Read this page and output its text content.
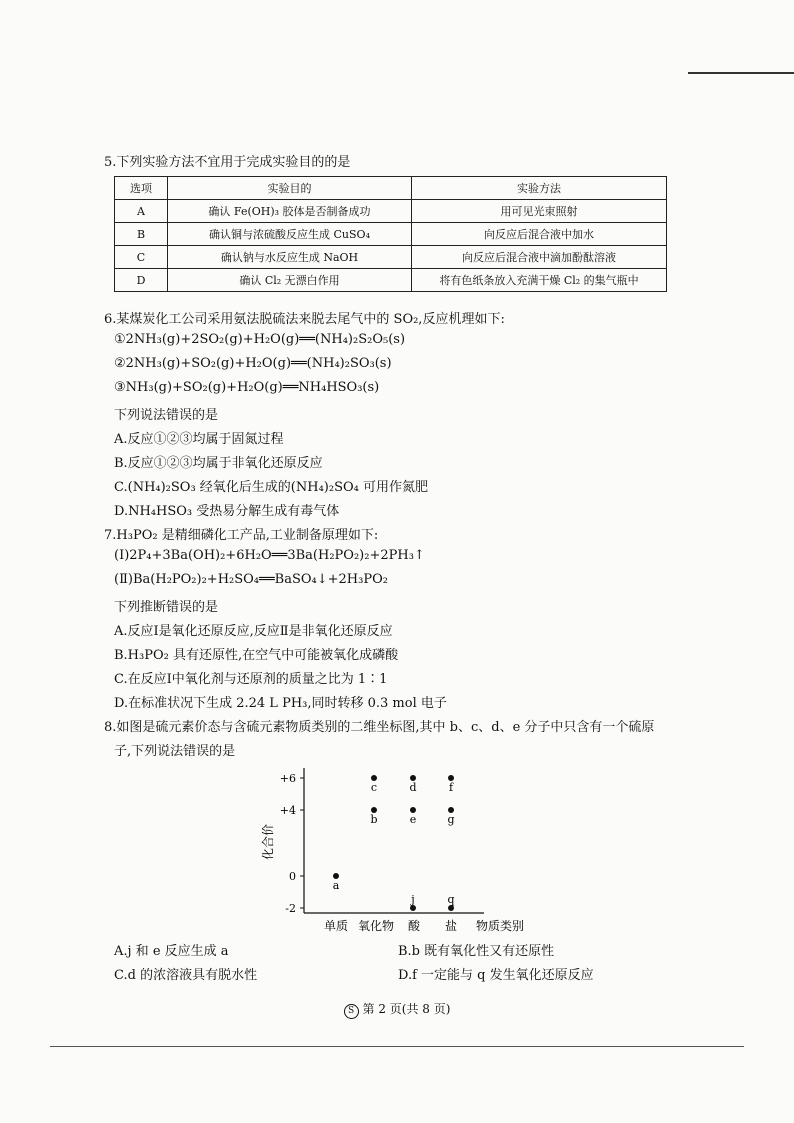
5.下列实验方法不宜用于完成实验目的的是
选项	实验目的	实验方法
A	确认 Fe(OH)₃ 胶体是否制备成功	用可见光束照射
B	确认铜与浓硫酸反应生成 CuSO₄	向反应后混合液中加水
C	确认钠与水反应生成 NaOH	向反应后混合液中滴加酚酞溶液
D	确认 Cl₂ 无漂白作用	将有色纸条放入充满干燥 Cl₂ 的集气瓶中
6.某煤炭化工公司采用氨法脱硫法来脱去尾气中的 SO₂,反应机理如下:
①2NH₃(g)+2SO₂(g)+H₂O(g)══(NH₄)₂S₂O₅(s)
②2NH₃(g)+SO₂(g)+H₂O(g)══(NH₄)₂SO₃(s)
③NH₃(g)+SO₂(g)+H₂O(g)══NH₄HSO₃(s)
下列说法错误的是
A.反应①②③均属于固氮过程
B.反应①②③均属于非氧化还原反应
C.(NH₄)₂SO₃ 经氧化后生成的(NH₄)₂SO₄ 可用作氮肥
D.NH₄HSO₃ 受热易分解生成有毒气体
7.H₃PO₂ 是精细磷化工产品,工业制备原理如下:
(Ⅰ)2P₄+3Ba(OH)₂+6H₂O══3Ba(H₂PO₂)₂+2PH₃↑
(Ⅱ)Ba(H₂PO₂)₂+H₂SO₄══BaSO₄↓+2H₃PO₂
下列推断错误的是
A.反应Ⅰ是氧化还原反应,反应Ⅱ是非氧化还原反应
B.H₃PO₂ 具有还原性,在空气中可能被氧化成磷酸
C.在反应Ⅰ中氧化剂与还原剂的质量之比为 1∶1
D.在标准状况下生成 2.24 L PH₃,同时转移 0.3 mol 电子
8.如图是硫元素价态与含硫元素物质类别的二维坐标图,其中 b、c、d、e 分子中只含有一个硫原
子,下列说法错误的是
化合价
物质类别
+6
+4
0
-2
单质 氧化物 酸 盐
a
b
c	d
e
j
f
g
q
A.j 和 e 反应生成 a	B.b 既有氧化性又有还原性
C.d 的浓溶液具有脱水性	D.f 一定能与 q 发生氧化还原反应
S 第 2 页(共 8 页)
